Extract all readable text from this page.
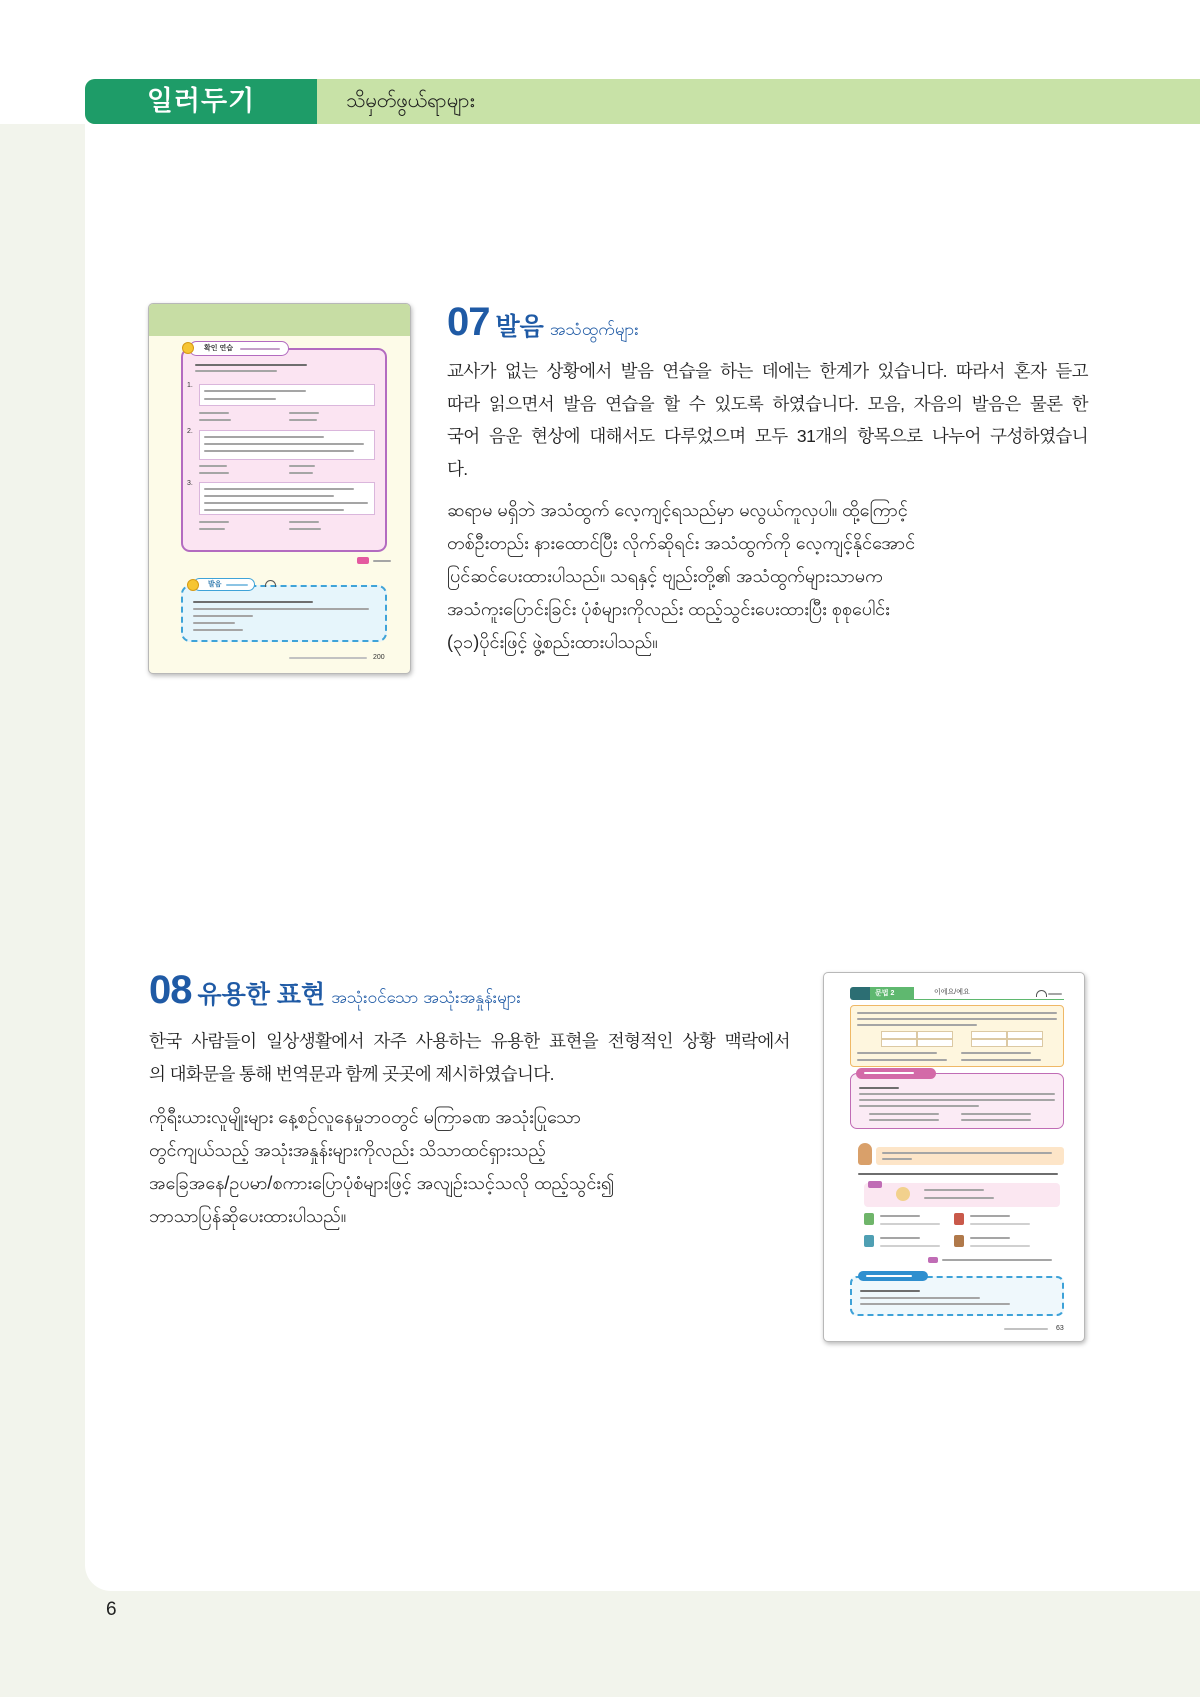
일러두기	သိမှတ်ဖွယ်ရာများ
1.
2.
3.
확인 연습
발음
200
07 발음 အသံထွက်များ
교사가 없는 상황에서 발음 연습을 하는 데에는 한계가 있습니다. 따라서 혼자 듣고
따라 읽으면서 발음 연습을 할 수 있도록 하였습니다. 모음, 자음의 발음은 물론 한
국어 음운 현상에 대해서도 다루었으며 모두 31개의 항목으로 나누어 구성하였습니
다.
ဆရာမ မရှိဘဲ အသံထွက် လေ့ကျင့်ရသည်မှာ မလွယ်ကူလှပါ။ ထို့ကြောင့်
တစ်ဦးတည်း နားထောင်ပြီး လိုက်ဆိုရင်း အသံထွက်ကို လေ့ကျင့်နိုင်အောင်
ပြင်ဆင်ပေးထားပါသည်။ သရနှင့် ဗျည်းတို့၏ အသံထွက်များသာမက
အသံကူးပြောင်းခြင်း ပုံစံများကိုလည်း ထည့်သွင်းပေးထားပြီး စုစုပေါင်း
(၃၁)ပိုင်းဖြင့် ဖွဲ့စည်းထားပါသည်။
08 유용한 표현 အသုံးဝင်သော အသုံးအနှုန်းများ
한국 사람들이 일상생활에서 자주 사용하는 유용한 표현을 전형적인 상황 맥락에서
의 대화문을 통해 번역문과 함께 곳곳에 제시하였습니다.
ကိုရီးယားလူမျိုးများ နေ့စဉ်လူနေမှုဘဝတွင် မကြာခဏ အသုံးပြုသော
တွင်ကျယ်သည့် အသုံးအနှုန်းများကိုလည်း သိသာထင်ရှားသည့်
အခြေအနေ/ဥပမာ/စကားပြောပုံစံများဖြင့် အလျဉ်းသင့်သလို ထည့်သွင်း၍
ဘာသာပြန်ဆိုပေးထားပါသည်။
문법 2	이에요/예요
63
6
